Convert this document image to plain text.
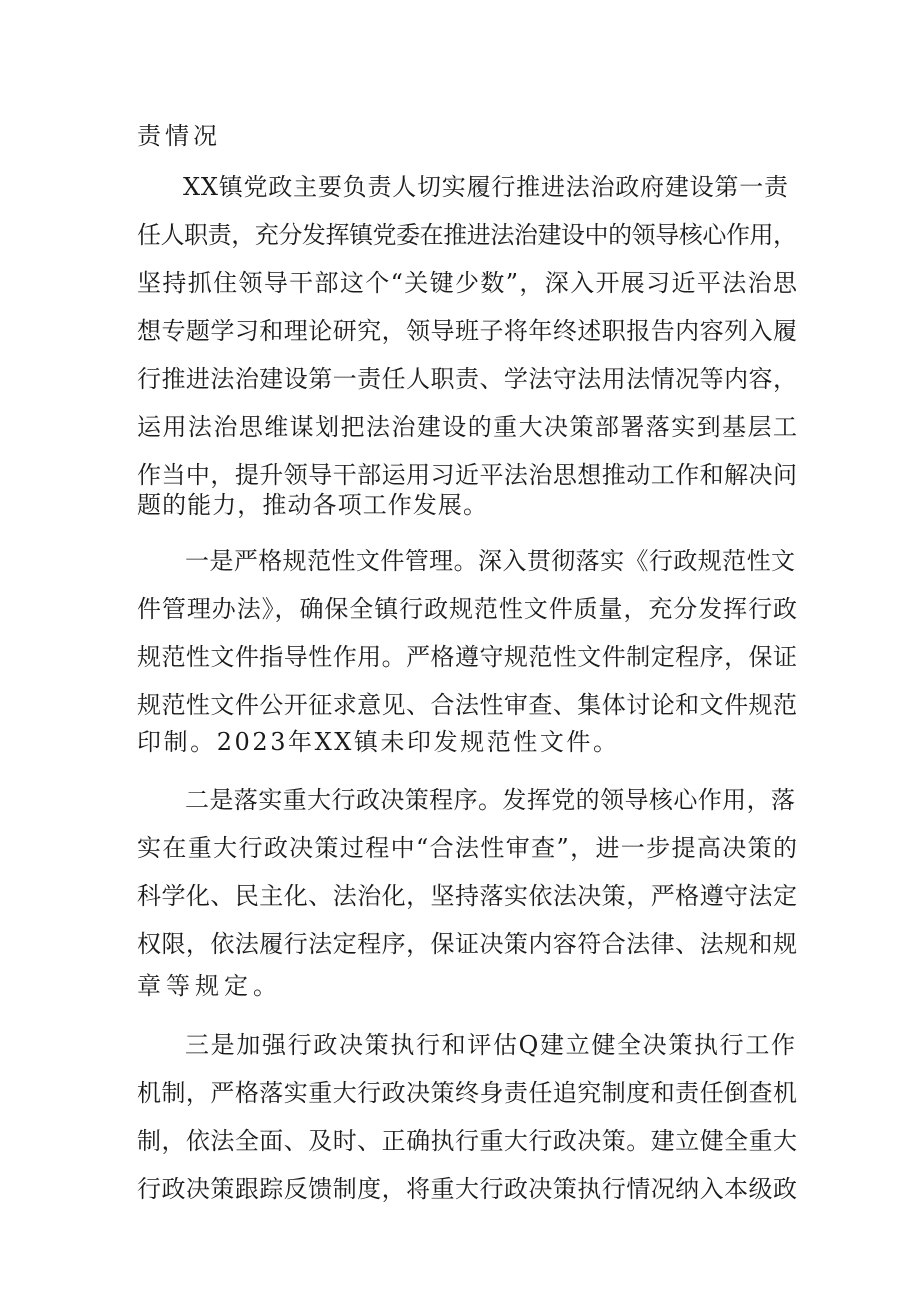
责情况
XX镇党政主要负责人切实履行推进法治政府建设第一责
任人职责，充分发挥镇党委在推进法治建设中的领导核心作用，
坚持抓住领导干部这个“关键少数”，深入开展习近平法治思
想专题学习和理论研究，领导班子将年终述职报告内容列入履
行推进法治建设第一责任人职责、学法守法用法情况等内容，
运用法治思维谋划把法治建设的重大决策部署落实到基层工
作当中，提升领导干部运用习近平法治思想推动工作和解决问
题的能力，推动各项工作发展。
一是严格规范性文件管理。深入贯彻落实《行政规范性文
件管理办法》，确保全镇行政规范性文件质量，充分发挥行政
规范性文件指导性作用。严格遵守规范性文件制定程序，保证
规范性文件公开征求意见、合法性审查、集体讨论和文件规范
印制。2023年XX镇未印发规范性文件。
二是落实重大行政决策程序。发挥党的领导核心作用，落
实在重大行政决策过程中“合法性审查”，进一步提高决策的
科学化、民主化、法治化，坚持落实依法决策，严格遵守法定
权限，依法履行法定程序，保证决策内容符合法律、法规和规
章等规定。
三是加强行政决策执行和评估Q建立健全决策执行工作
机制，严格落实重大行政决策终身责任追究制度和责任倒查机
制，依法全面、及时、正确执行重大行政决策。建立健全重大
行政决策跟踪反馈制度，将重大行政决策执行情况纳入本级政
